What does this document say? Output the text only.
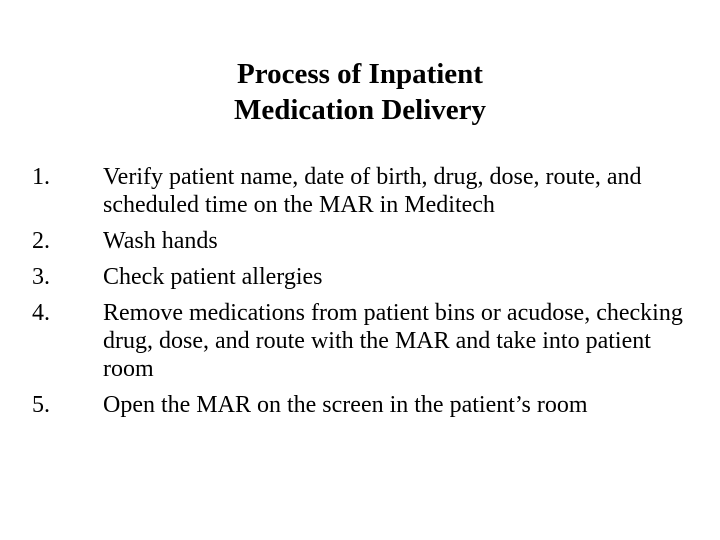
Process of Inpatient
Medication Delivery
1.	Verify patient name, date of birth, drug, dose, route, and scheduled time on the MAR in Meditech
2.	Wash hands
3.	Check patient allergies
4.	Remove medications from patient bins or acudose, checking drug, dose, and route with the MAR and take into patient room
5.	Open the MAR on the screen in the patient’s room
